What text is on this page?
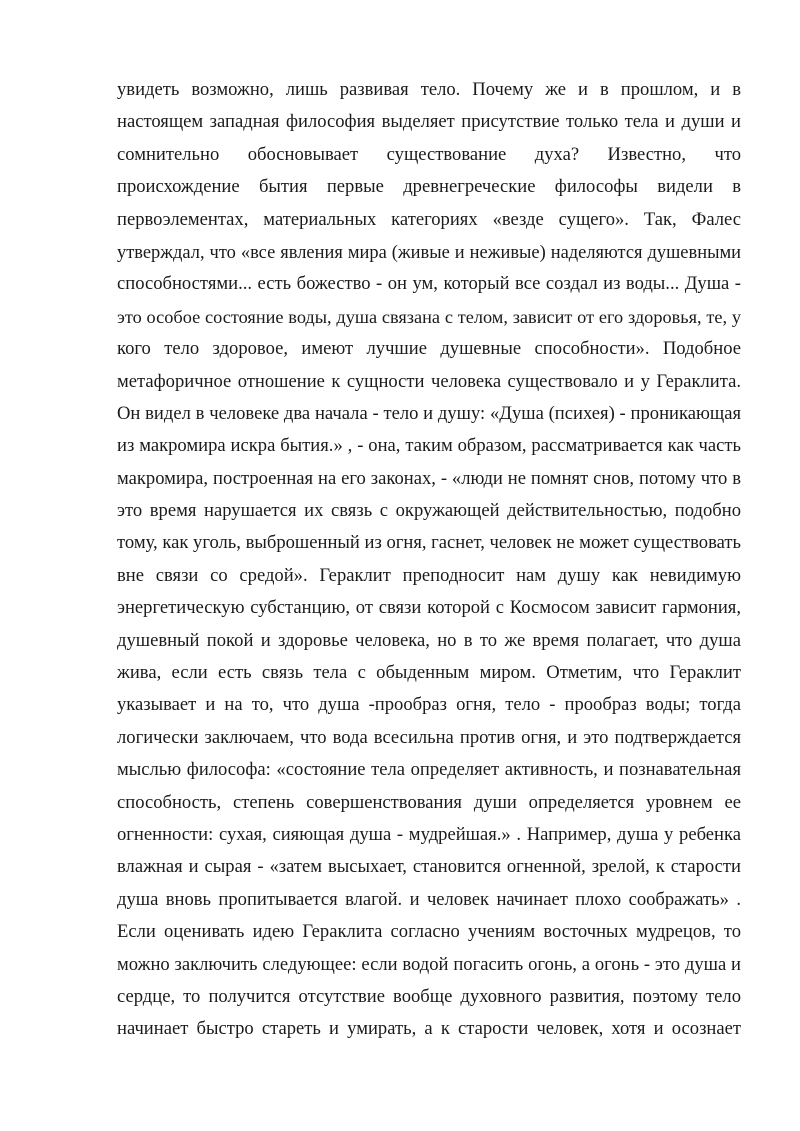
увидеть возможно, лишь развивая тело. Почему же и в прошлом, и в
настоящем западная философия выделяет присутствие только тела и души и
сомнительно обосновывает существование духа? Известно, что
происхождение бытия первые древнегреческие философы видели в
первоэлементах, материальных категориях «везде сущего». Так, Фалес
утверждал, что «все явления мира (живые и неживые) наделяются душевными
способностями... есть божество - он ум, который все создал из воды... Душа -
это особое состояние воды, душа связана с телом, зависит от его здоровья, те, у
кого тело здоровое, имеют лучшие душевные способности». Подобное
метафоричное отношение к сущности человека существовало и у Гераклита.
Он видел в человеке два начала - тело и душу: «Душа (психея) - проникающая
из макромира искра бытия.» , - она, таким образом, рассматривается как часть
макромира, построенная на его законах, - «люди не помнят снов, потому что в
это время нарушается их связь с окружающей действительностью, подобно
тому, как уголь, выброшенный из огня, гаснет, человек не может существовать
вне связи со средой». Гераклит преподносит нам душу как невидимую
энергетическую субстанцию, от связи которой с Космосом зависит гармония,
душевный покой и здоровье человека, но в то же время полагает, что душа
жива, если есть связь тела с обыденным миром. Отметим, что Гераклит
указывает и на то, что душа -прообраз огня, тело - прообраз воды; тогда
логически заключаем, что вода всесильна против огня, и это подтверждается
мыслью философа: «состояние тела определяет активность, и познавательная
способность, степень совершенствования души определяется уровнем ее
огненности: сухая, сияющая душа - мудрейшая.» . Например, душа у ребенка
влажная и сырая - «затем высыхает, становится огненной, зрелой, к старости
душа вновь пропитывается влагой. и человек начинает плохо соображать» .
Если оценивать идею Гераклита согласно учениям восточных мудрецов, то
можно заключить следующее: если водой погасить огонь, а огонь - это душа и
сердце, то получится отсутствие вообще духовного развития, поэтому тело
начинает быстро стареть и умирать, а к старости человек, хотя и осознает
